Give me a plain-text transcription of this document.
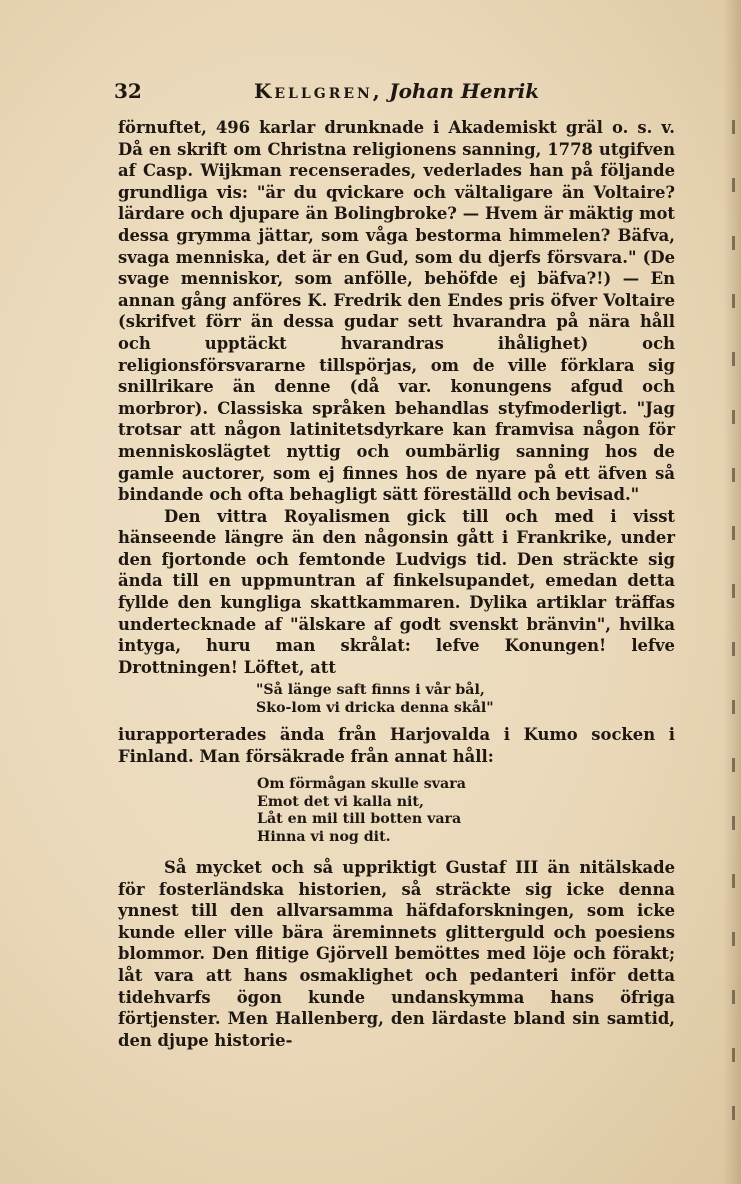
32	Kellgren, Johan Henrik

förnuftet, 496 karlar drunknade i Akademiskt gräl o. s. v. Då en skrift om Christna religionens sanning, 1778 utgifven af Casp. Wijkman recenserades, vederlades han på följande grundliga vis: "är du qvickare och vältaligare än Voltaire? lärdare och djupare än Bolingbroke? — Hvem är mäktig mot dessa grymma jättar, som våga bestorma himmelen? Bäfva, svaga menniska, det är en Gud, som du djerfs försvara." (De svage menniskor, som anfölle, behöfde ej bäfva?!) — En annan gång anföres K. Fredrik den Endes pris öfver Voltaire (skrifvet förr än dessa gudar sett hvarandra på nära håll och upptäckt hvarandras ihålighet) och religionsförsvararne tillspörjas, om de ville förklara sig snillrikare än denne (då var. konungens afgud och morbror). Classiska språken behandlas styfmoderligt. "Jag trotsar att någon latinitetsdyrkare kan framvisa någon för menniskoslägtet nyttig och oumbärlig sanning hos de gamle auctorer, som ej finnes hos de nyare på ett äfven så bindande och ofta behagligt sätt föreställd och bevisad."

Den vittra Royalismen gick till och med i visst hänseende längre än den någonsin gått i Frankrike, under den fjortonde och femtonde Ludvigs tid. Den sträckte sig ända till en uppmuntran af finkelsupandet, emedan detta fyllde den kungliga skattkammaren. Dylika artiklar träffas undertecknade af "älskare af godt svenskt bränvin", hvilka intyga, huru man skrålat: lefve Konungen! lefve Drottningen! Löftet, att

"Så länge saft finns i vår bål,
Sko-lom vi dricka denna skål"

iurapporterades ända från Harjovalda i Kumo socken i Finland. Man försäkrade från annat håll:

Om förmågan skulle svara
Emot det vi kalla nit,
Låt en mil till botten vara
Hinna vi nog dit.

Så mycket och så uppriktigt Gustaf III än nitälskade för fosterländska historien, så sträckte sig icke denna ynnest till den allvarsamma häfdaforskningen, som icke kunde eller ville bära äreminnets glitterguld och poesiens blommor. Den flitige Gjörvell bemöttes med löje och förakt; låt vara att hans osmaklighet och pedanteri inför detta tidehvarfs ögon kunde undanskymma hans öfriga förtjenster. Men Hallenberg, den lärdaste bland sin samtid, den djupe historie-
